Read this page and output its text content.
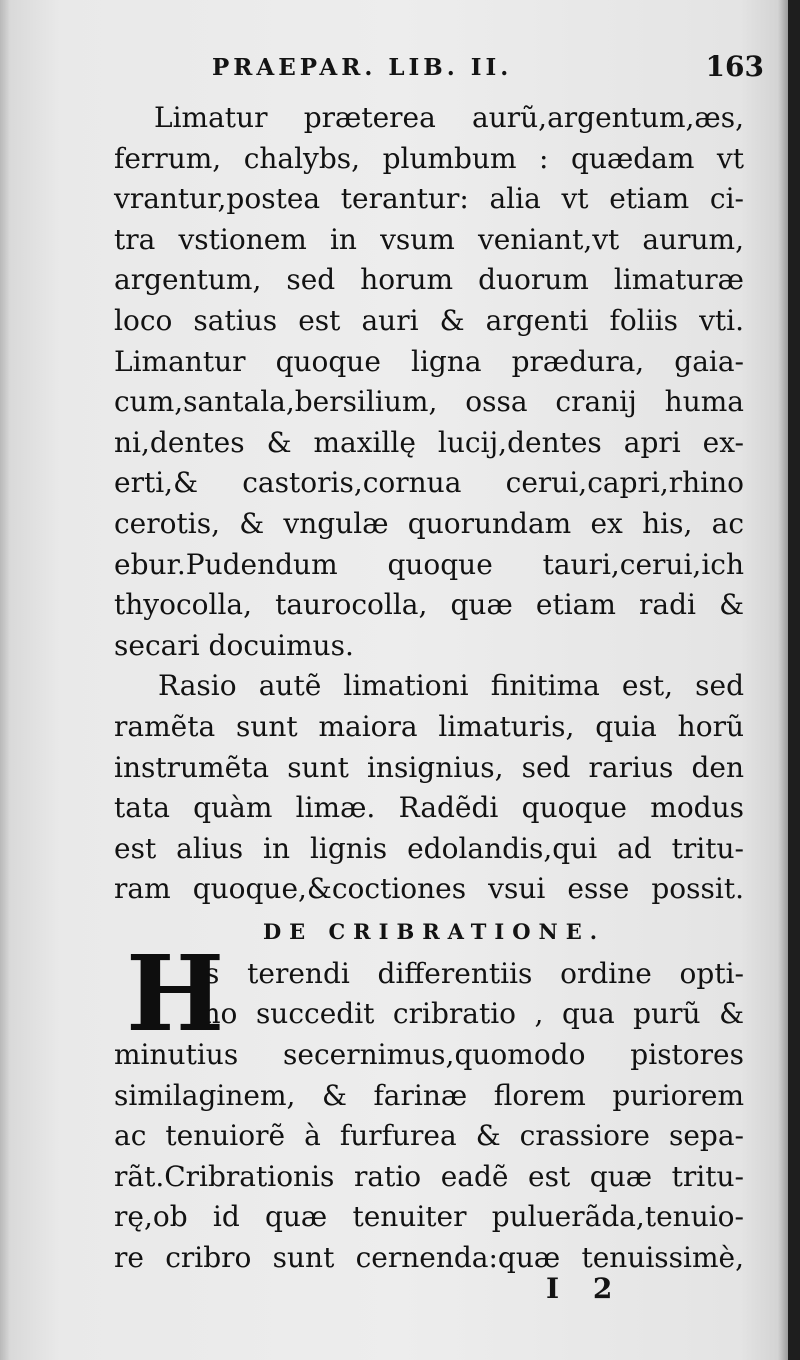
PRAEPAR. LIB. II.	163
Limatur præterea aurũ,argentum,æs,
ferrum, chalybs, plumbum : quædam vt
vrantur,postea terantur: alia vt etiam ci-
tra vstionem in vsum veniant,vt aurum,
argentum, sed horum duorum limaturæ
loco satius est auri & argenti foliis vti.
Limantur quoque ligna prædura, gaia-
cum,santala,bersilium, ossa cranij huma
ni,dentes & maxillę lucij,dentes apri ex-
erti,& castoris,cornua cerui,capri,rhino
cerotis, & vngulæ quorundam ex his, ac
ebur.Pudendum quoque tauri,cerui,ich
thyocolla, taurocolla, quæ etiam radi &
secari docuimus.
Rasio autẽ limationi finitima est, sed
ramẽta sunt maiora limaturis, quia horũ
instrumẽta sunt insignius, sed rarius den
tata quàm limæ. Radẽdi quoque modus
est alius in lignis edolandis,qui ad tritu-
ram quoque,&coctiones vsui esse possit.
DE CRIBRATIONE.
H
Is terendi differentiis ordine opti-
mo succedit cribratio , qua purũ &
minutius secernimus,quomodo pistores
similaginem, & farinæ florem puriorem
ac tenuiorẽ à furfurea & crassiore sepa-
rãt.Cribrationis ratio eadẽ est quæ tritu-
rę,ob id quæ tenuiter puluerãda,tenuio-
re cribro sunt cernenda:quæ tenuissimè,
I 2
